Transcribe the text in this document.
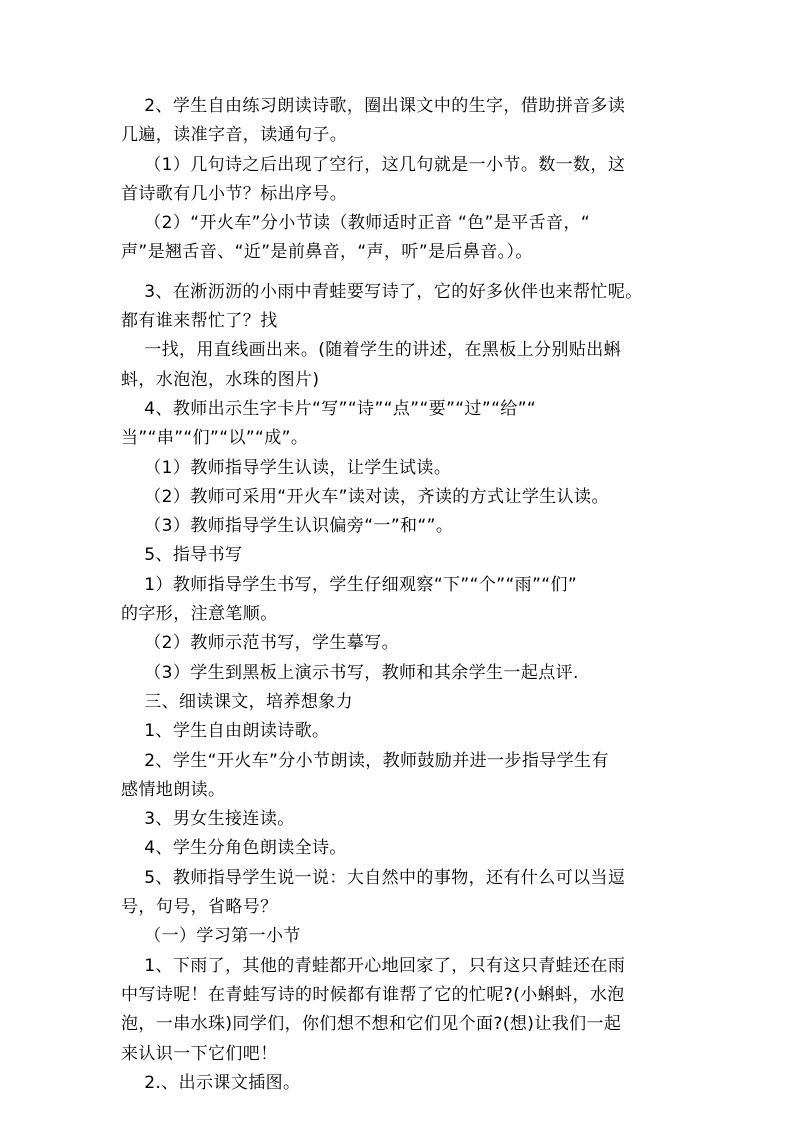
2、学生自由练习朗读诗歌，圈出课文中的生字，借助拼音多读
几遍，读准字音，读通句子。
（1）几句诗之后出现了空行，这几句就是一小节。数一数，这
首诗歌有几小节？标出序号。
（2）“开火车”分小节读（教师适时正音 “色”是平舌音，“
声”是翘舌音、“近”是前鼻音，“声，听”是后鼻音。）。
3、在淅沥沥的小雨中青蛙要写诗了，它的好多伙伴也来帮忙呢。
都有谁来帮忙了？找
一找，用直线画出来。(随着学生的讲述，在黑板上分别贴出蝌
蚪，水泡泡，水珠的图片)
4、教师出示生字卡片“写”“诗”“点”“要”“过”“给”“
当”“串”“们”“以”“成”。
（1）教师指导学生认读，让学生试读。
（2）教师可采用“开火车”读对读，齐读的方式让学生认读。
（3）教师指导学生认识偏旁“一”和“”。
5、指导书写
1）教师指导学生书写，学生仔细观察“下”“个”“雨”“们”
的字形，注意笔顺。
（2）教师示范书写，学生摹写。
（3）学生到黑板上演示书写，教师和其余学生一起点评.
三、细读课文，培养想象力
1、学生自由朗读诗歌。
2、学生“开火车”分小节朗读，教师鼓励并进一步指导学生有
感情地朗读。
3、男女生接连读。
4、学生分角色朗读全诗。
5、教师指导学生说一说：大自然中的事物，还有什么可以当逗
号，句号，省略号？
（一）学习第一小节
1、下雨了，其他的青蛙都开心地回家了，只有这只青蛙还在雨
中写诗呢！在青蛙写诗的时候都有谁帮了它的忙呢?(小蝌蚪，水泡
泡，一串水珠)同学们，你们想不想和它们见个面?(想)让我们一起
来认识一下它们吧！
2.、出示课文插图。
